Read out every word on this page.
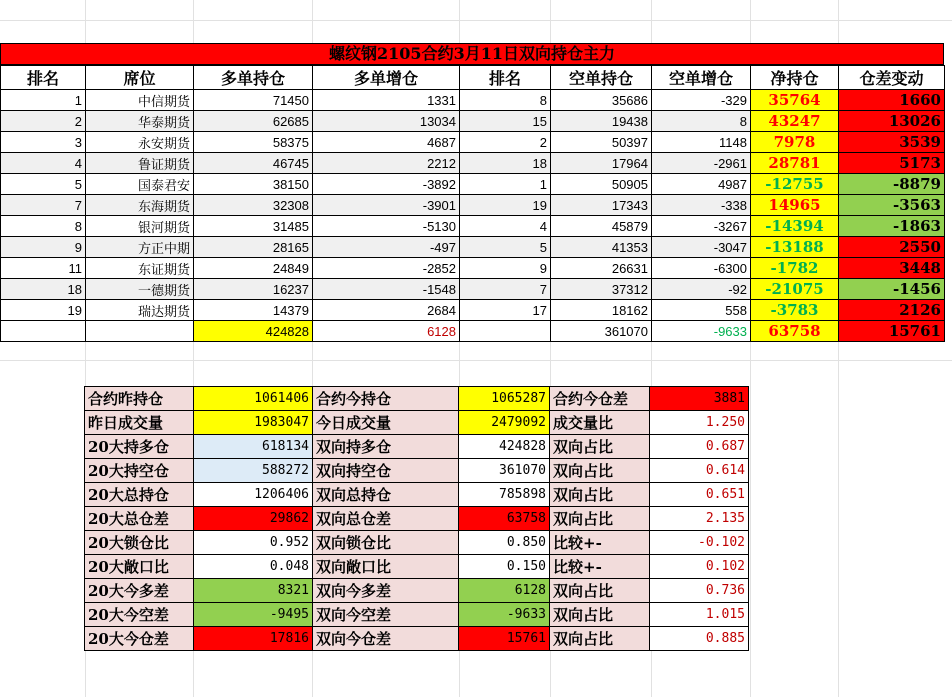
螺纹钢2105合约3月11日双向持仓主力
排名	席位	多单持仓	多单增仓	排名	空单持仓	空单增仓	净持仓	仓差变动
1	中信期货	71450	1331	8	35686	-329	35764	1660
2	华泰期货	62685	13034	15	19438	8	43247	13026
3	永安期货	58375	4687	2	50397	1148	7978	3539
4	鲁证期货	46745	2212	18	17964	-2961	28781	5173
5	国泰君安	38150	-3892	1	50905	4987	-12755	-8879
7	东海期货	32308	-3901	19	17343	-338	14965	-3563
8	银河期货	31485	-5130	4	45879	-3267	-14394	-1863
9	方正中期	28165	-497	5	41353	-3047	-13188	2550
11	东证期货	24849	-2852	9	26631	-6300	-1782	3448
18	一德期货	16237	-1548	7	37312	-92	-21075	-1456
19	瑞达期货	14379	2684	17	18162	558	-3783	2126
		424828	6128		361070	-9633	63758	15761
合约昨持仓	1061406	合约今持仓	1065287	合约今仓差	3881
昨日成交量	1983047	今日成交量	2479092	成交量比	1.250
20大持多仓	618134	双向持多仓	424828	双向占比	0.687
20大持空仓	588272	双向持空仓	361070	双向占比	0.614
20大总持仓	1206406	双向总持仓	785898	双向占比	0.651
20大总仓差	29862	双向总仓差	63758	双向占比	2.135
20大锁仓比	0.952	双向锁仓比	0.850	比较+-	-0.102
20大敞口比	0.048	双向敞口比	0.150	比较+-	0.102
20大今多差	8321	双向今多差	6128	双向占比	0.736
20大今空差	-9495	双向今空差	-9633	双向占比	1.015
20大今仓差	17816	双向今仓差	15761	双向占比	0.885
